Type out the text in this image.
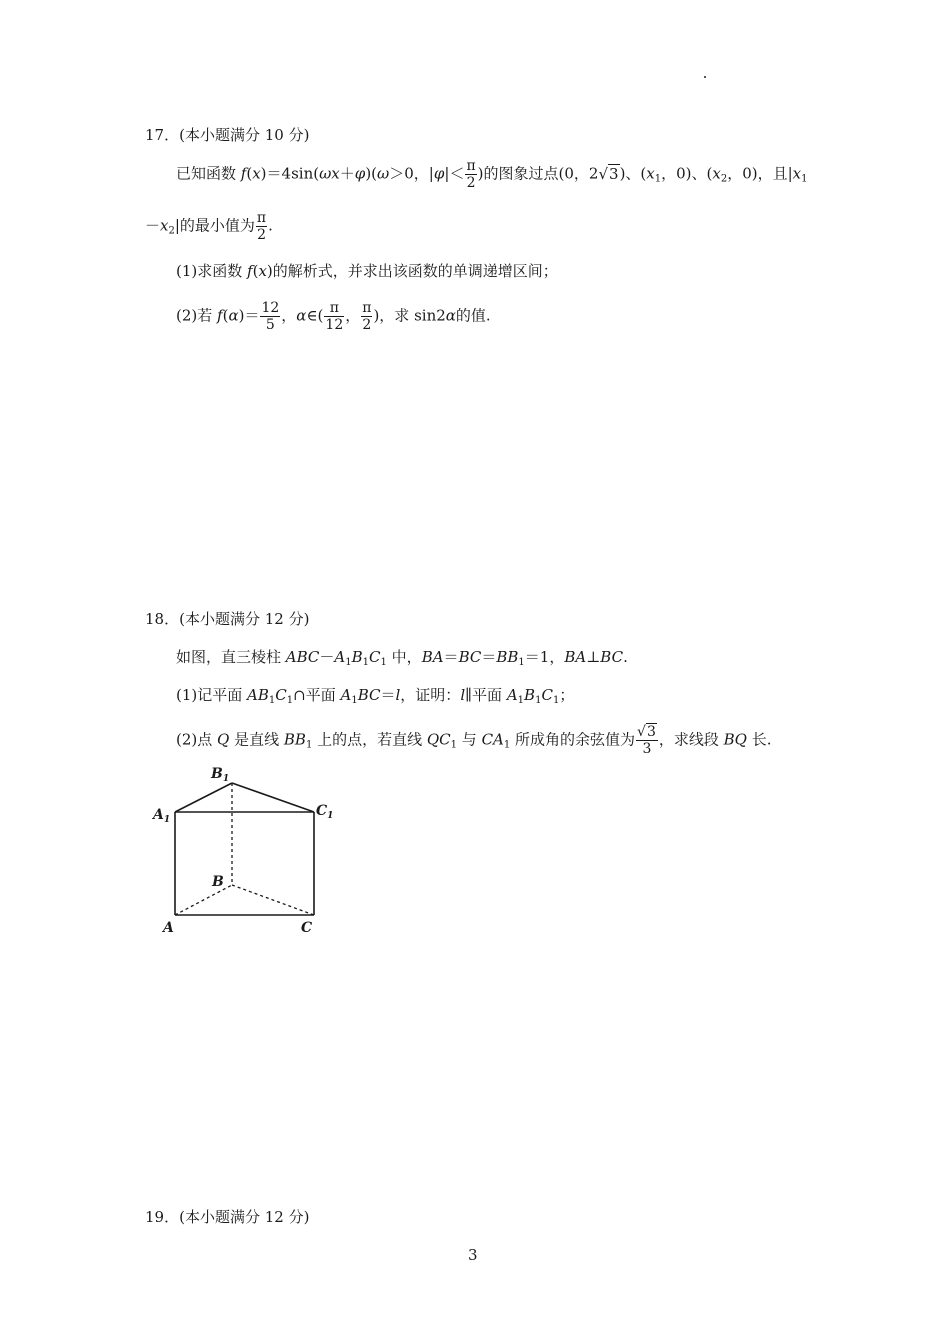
17．(本小题满分 10 分)
已知函数 f(x)＝4sin(ωx＋φ)(ω＞0，$|\varphi|< \frac{\pi}{2}$ )的图象过点(0，2√3)、($x_1$，0)、($x_2$，0)，且$|x_1$
$-x_2|$的最小值为 $\frac{\pi}{2}$ .
(1)求函数 f(x)的解析式，并求出该函数的单调递增区间；
(2)若 $f(\alpha)= \frac{12}{5}$ ，α∈( $\frac{\pi}{12}$ ， $\frac{\pi}{2}$ )，求 sin2α的值.
18．(本小题满分 12 分)
如图，直三棱柱 $ABC-A_1B_1C_1$ 中，$BA=BC=BB_1=1$，BA⊥BC.
(1)记平面 $AB_1C_1\cap$平面 $A_1BC=l$，证明：l∥平面 $A_1B_1C_1$；
(2)点 Q 是直线 $BB_1$ 上的点，若直线 $QC_1$ 与 $CA_1$ 所成角的余弦值为 $\frac{√3}{3}$ ，求线段 BQ 长.
$B_1$
$A_1$
$C_1$
B
A	C
19．(本小题满分 12 分)
3
